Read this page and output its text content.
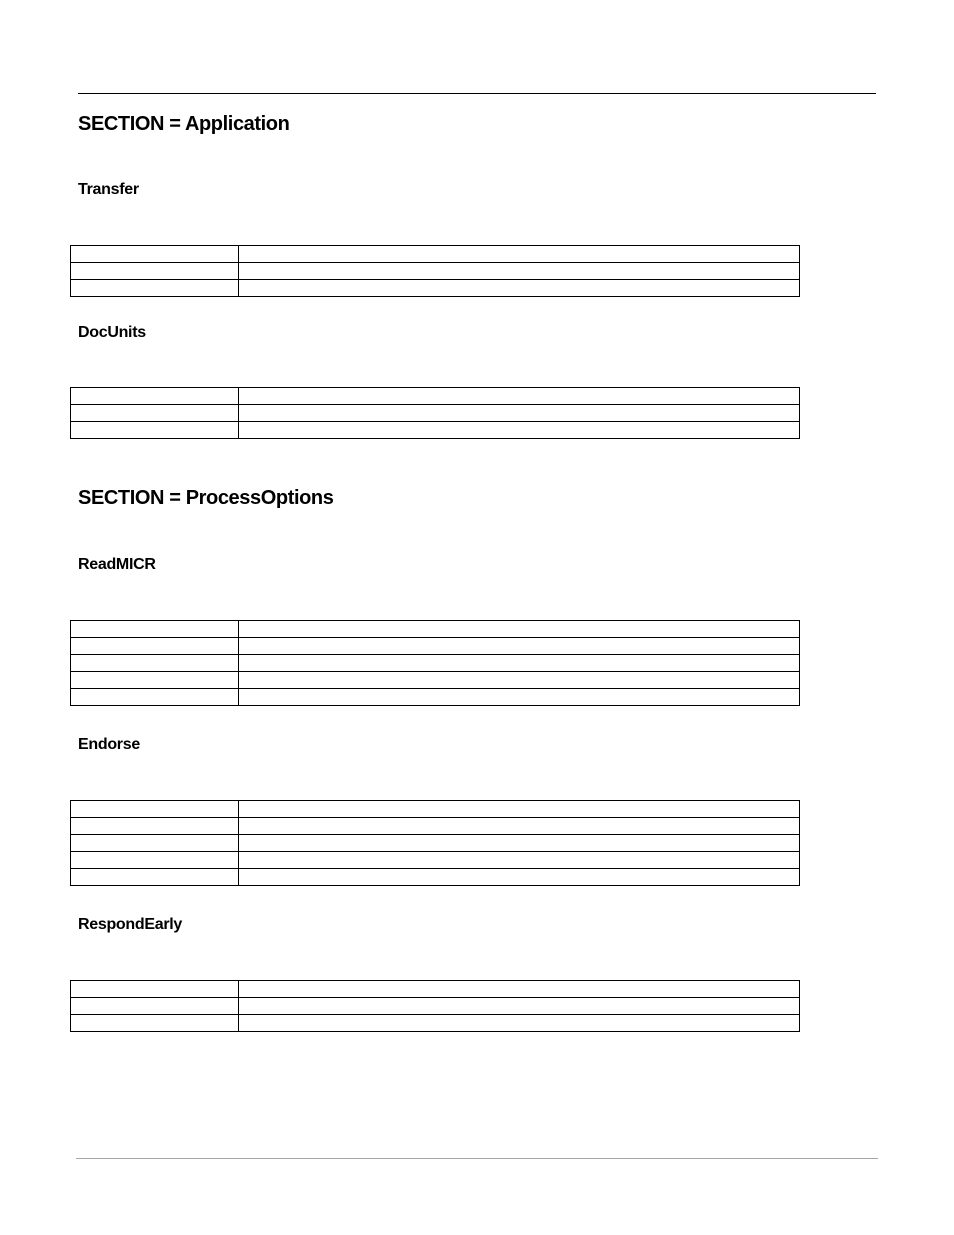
SECTION = Application
Transfer

DocUnits

SECTION = ProcessOptions
ReadMICR

Endorse

RespondEarly
